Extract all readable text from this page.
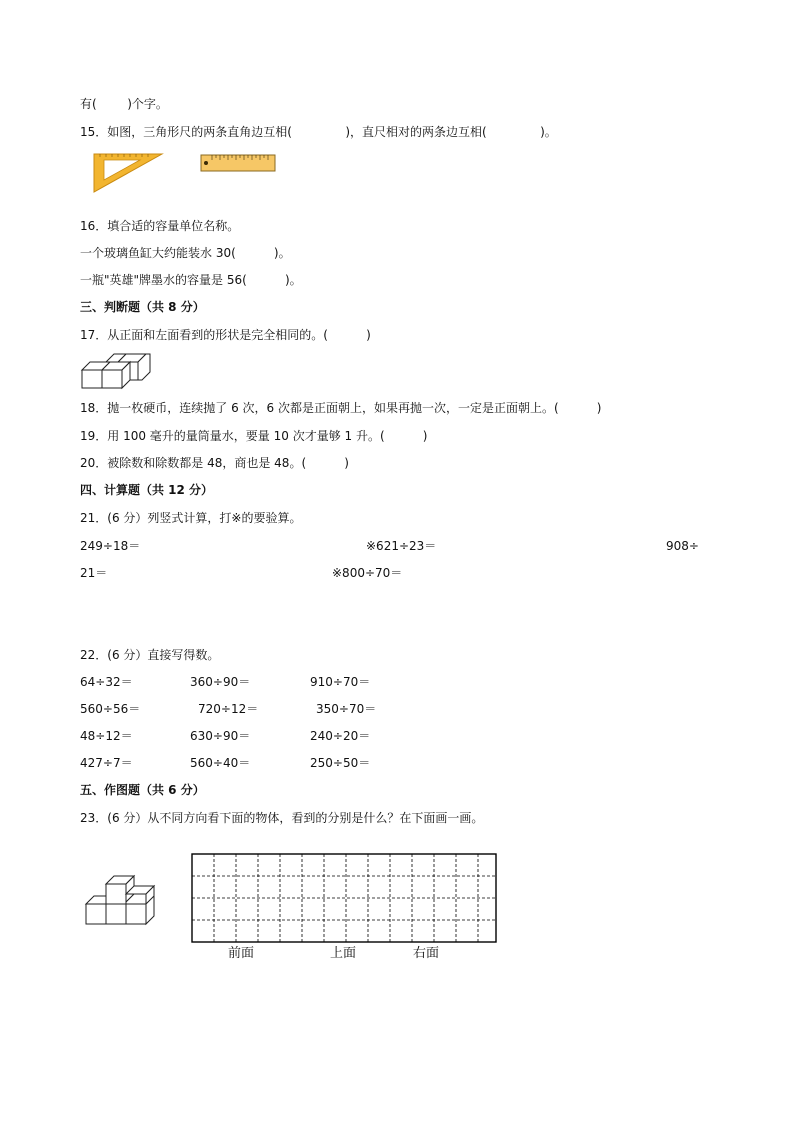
有(        )个字。
15．如图，三角形尺的两条直角边互相(              )，直尺相对的两条边互相(              )。
16．填合适的容量单位名称。
一个玻璃鱼缸大约能装水 30(          )。
一瓶"英雄"牌墨水的容量是 56(          )。
三、判断题（共 8 分）
17．从正面和左面看到的形状是完全相同的。(          )
18．抛一枚硬币，连续抛了 6 次，6 次都是正面朝上，如果再抛一次，一定是正面朝上。(          )
19．用 100 毫升的量筒量水，要量 10 次才量够 1 升。(          )
20．被除数和除数都是 48，商也是 48。(          )
四、计算题（共 12 分）
21．(6 分）列竖式计算，打※的要验算。
249÷18＝	※621÷23＝	908÷
21＝	※800÷70＝
22．(6 分）直接写得数。
64÷32＝	360÷90＝	910÷70＝
560÷56＝	720÷12＝	350÷70＝
48÷12＝	630÷90＝	240÷20＝
427÷7＝	560÷40＝	250÷50＝
五、作图题（共 6 分）
23．(6 分）从不同方向看下面的物体，看到的分别是什么？在下面画一画。
前面	上面	右面
